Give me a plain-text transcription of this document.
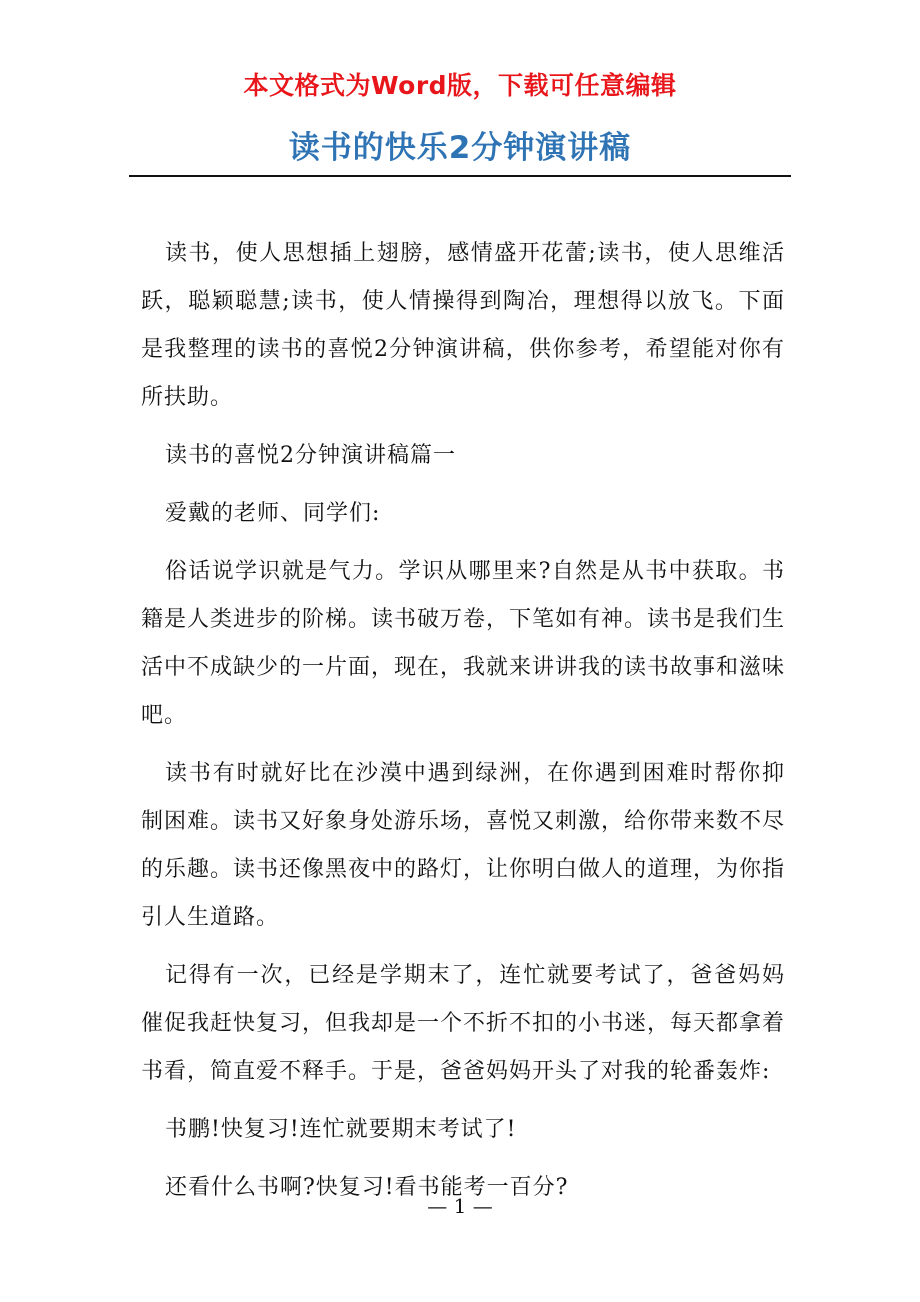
本文格式为Word版，下载可任意编辑
读书的快乐2分钟演讲稿

读书，使人思想插上翅膀，感情盛开花蕾;读书，使人思维活跃，聪颖聪慧;读书，使人情操得到陶冶，理想得以放飞。下面是我整理的读书的喜悦2分钟演讲稿，供你参考，希望能对你有所扶助。

读书的喜悦2分钟演讲稿篇一

爱戴的老师、同学们:

俗话说学识就是气力。学识从哪里来?自然是从书中获取。书籍是人类进步的阶梯。读书破万卷，下笔如有神。读书是我们生活中不成缺少的一片面，现在，我就来讲讲我的读书故事和滋味吧。

读书有时就好比在沙漠中遇到绿洲，在你遇到困难时帮你抑制困难。读书又好象身处游乐场，喜悦又刺激，给你带来数不尽的乐趣。读书还像黑夜中的路灯，让你明白做人的道理，为你指引人生道路。

记得有一次，已经是学期末了，连忙就要考试了，爸爸妈妈催促我赶快复习，但我却是一个不折不扣的小书迷，每天都拿着书看，简直爱不释手。于是，爸爸妈妈开头了对我的轮番轰炸:

书鹏!快复习!连忙就要期末考试了!

还看什么书啊?快复习!看书能考一百分?

— 1 —
